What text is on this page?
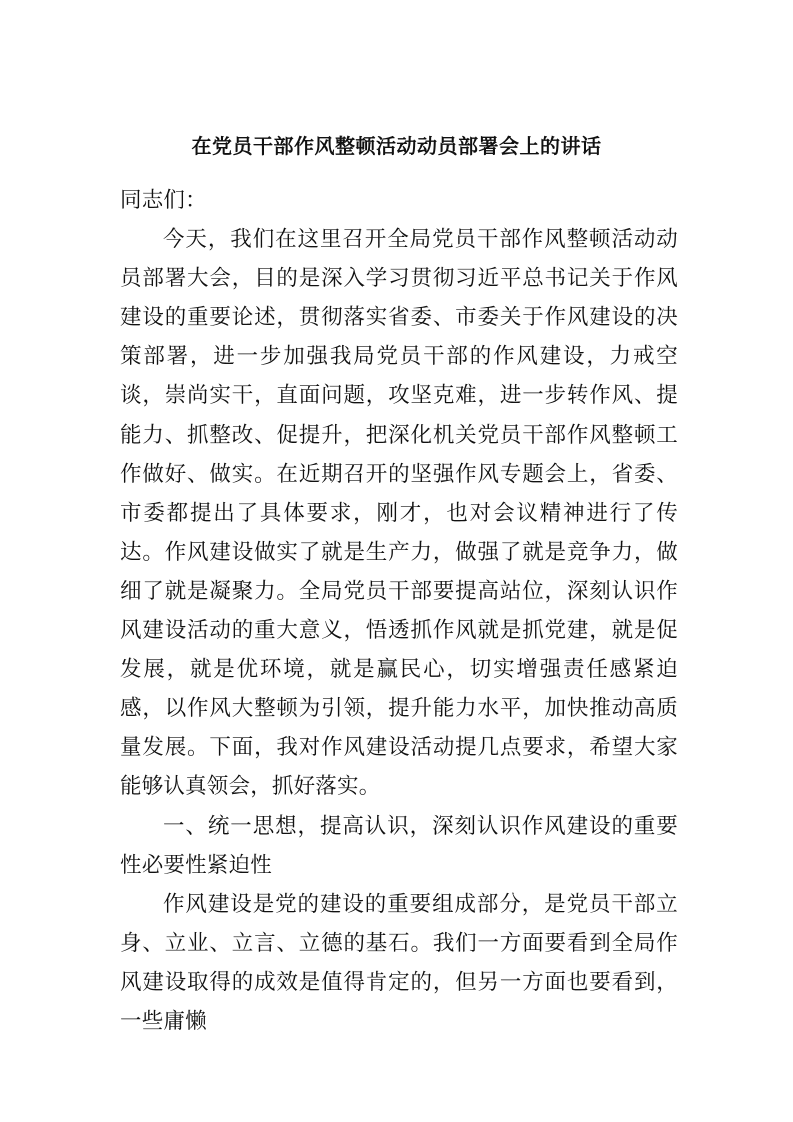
在党员干部作风整顿活动动员部署会上的讲话

同志们：

今天，我们在这里召开全局党员干部作风整顿活动动员部署大会，目的是深入学习贯彻习近平总书记关于作风建设的重要论述，贯彻落实省委、市委关于作风建设的决策部署，进一步加强我局党员干部的作风建设，力戒空谈，崇尚实干，直面问题，攻坚克难，进一步转作风、提能力、抓整改、促提升，把深化机关党员干部作风整顿工作做好、做实。在近期召开的坚强作风专题会上，省委、市委都提出了具体要求，刚才，也对会议精神进行了传达。作风建设做实了就是生产力，做强了就是竞争力，做细了就是凝聚力。全局党员干部要提高站位，深刻认识作风建设活动的重大意义，悟透抓作风就是抓党建，就是促发展，就是优环境，就是赢民心，切实增强责任感紧迫感，以作风大整顿为引领，提升能力水平，加快推动高质量发展。下面，我对作风建设活动提几点要求，希望大家能够认真领会，抓好落实。

一、统一思想，提高认识，深刻认识作风建设的重要性必要性紧迫性

作风建设是党的建设的重要组成部分，是党员干部立身、立业、立言、立德的基石。我们一方面要看到全局作风建设取得的成效是值得肯定的，但另一方面也要看到，一些庸懒
